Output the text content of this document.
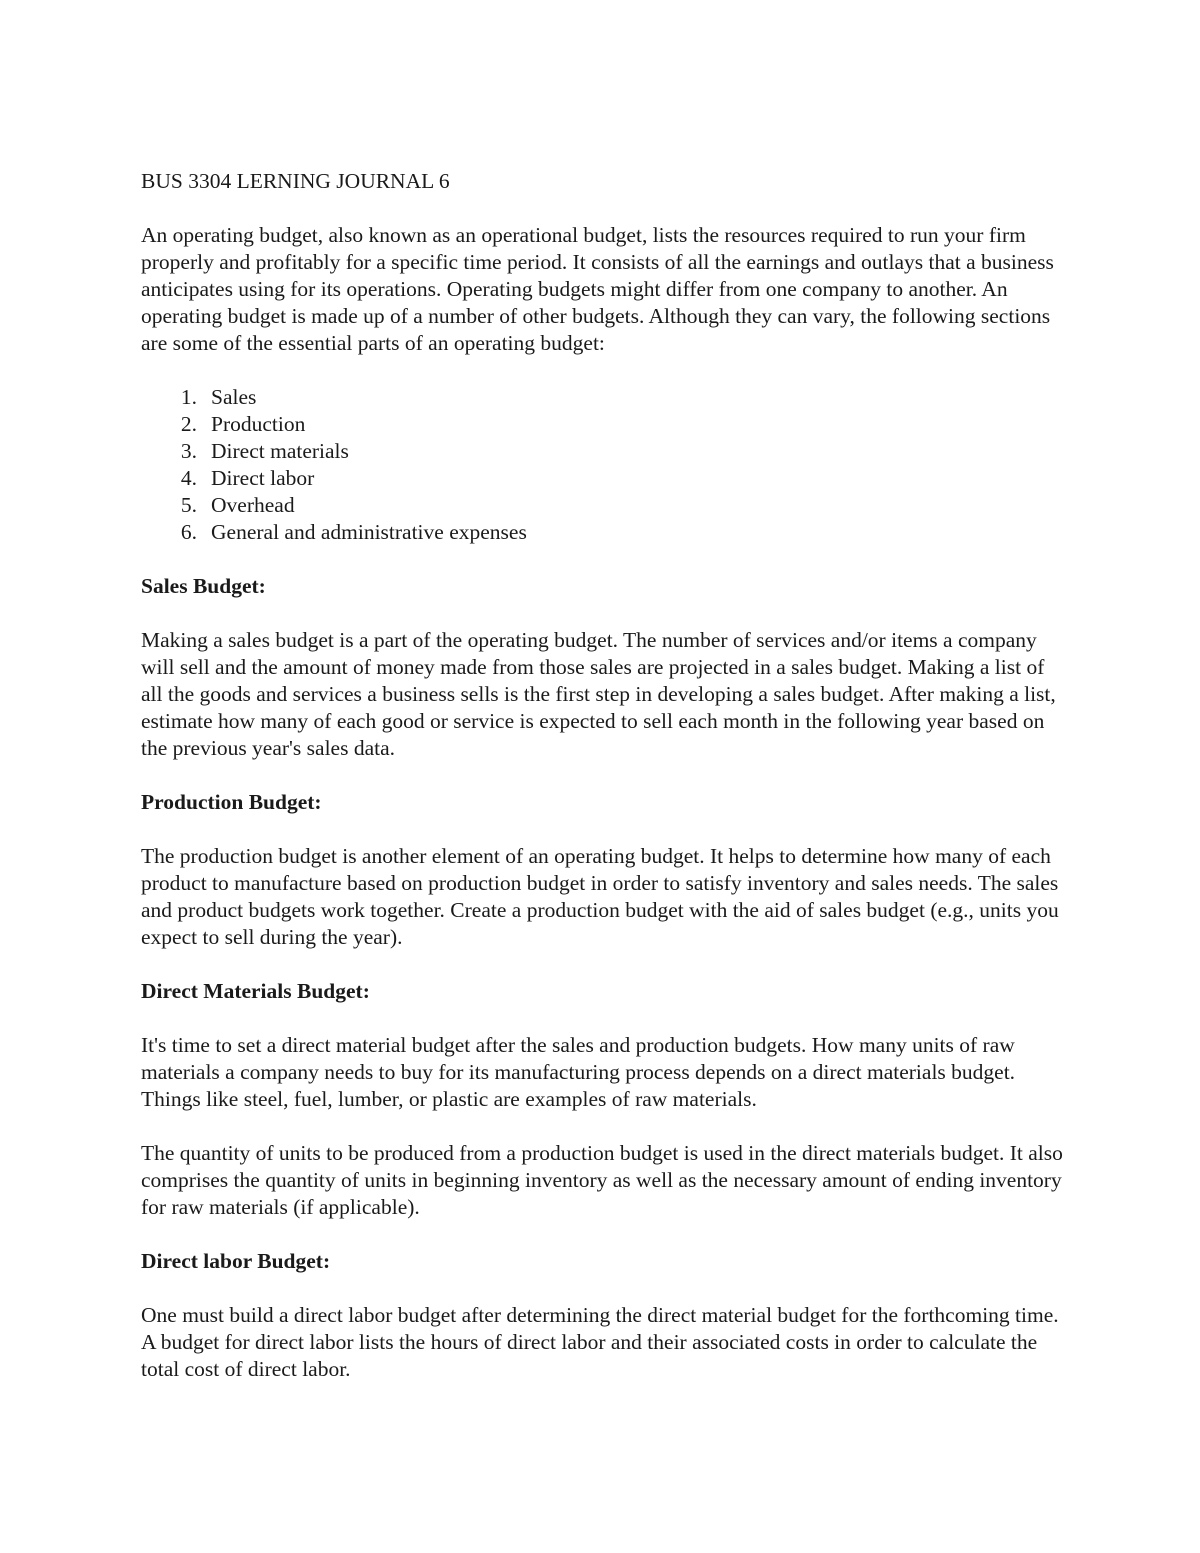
BUS 3304 LERNING JOURNAL 6

An operating budget, also known as an operational budget, lists the resources required to run your firm properly and profitably for a specific time period. It consists of all the earnings and outlays that a business anticipates using for its operations. Operating budgets might differ from one company to another. An operating budget is made up of a number of other budgets. Although they can vary, the following sections are some of the essential parts of an operating budget:

1. Sales
2. Production
3. Direct materials
4. Direct labor
5. Overhead
6. General and administrative expenses
Sales Budget:

Making a sales budget is a part of the operating budget. The number of services and/or items a company will sell and the amount of money made from those sales are projected in a sales budget. Making a list of all the goods and services a business sells is the first step in developing a sales budget. After making a list, estimate how many of each good or service is expected to sell each month in the following year based on the previous year's sales data.

Production Budget:

The production budget is another element of an operating budget. It helps to determine how many of each product to manufacture based on production budget in order to satisfy inventory and sales needs. The sales and product budgets work together. Create a production budget with the aid of sales budget (e.g., units you expect to sell during the year).

Direct Materials Budget:

It's time to set a direct material budget after the sales and production budgets. How many units of raw materials a company needs to buy for its manufacturing process depends on a direct materials budget. Things like steel, fuel, lumber, or plastic are examples of raw materials.

The quantity of units to be produced from a production budget is used in the direct materials budget. It also comprises the quantity of units in beginning inventory as well as the necessary amount of ending inventory for raw materials (if applicable).

Direct labor Budget:

One must build a direct labor budget after determining the direct material budget for the forthcoming time. A budget for direct labor lists the hours of direct labor and their associated costs in order to calculate the total cost of direct labor.
